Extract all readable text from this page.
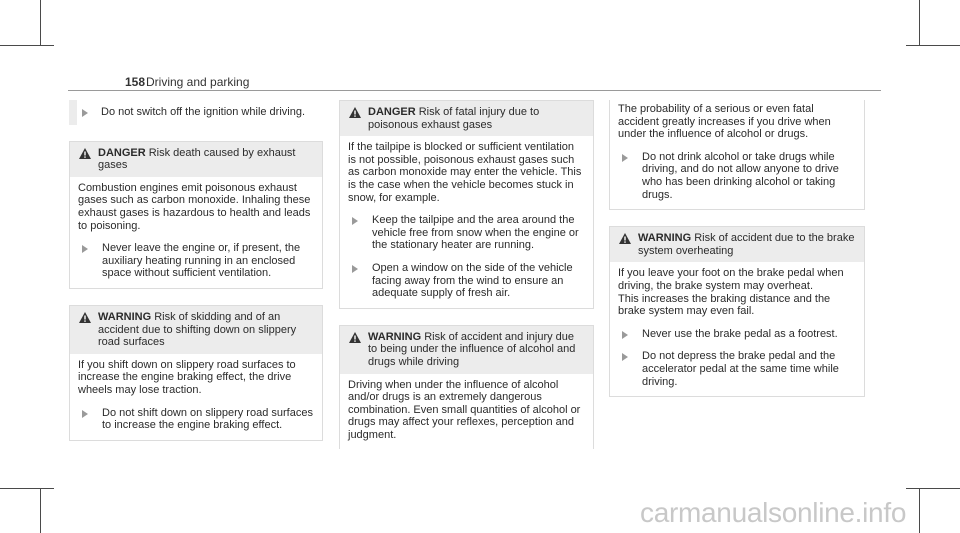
158 Driving and parking

Do not switch off the ignition while driving.

DANGER Risk death caused by exhaust gases

Combustion engines emit poisonous exhaust gases such as carbon monoxide. Inhaling these exhaust gases is hazardous to health and leads to poisoning.

Never leave the engine or, if present, the auxiliary heating running in an enclosed space without sufficient ventilation.

WARNING Risk of skidding and of an accident due to shifting down on slippery road surfaces

If you shift down on slippery road surfaces to increase the engine braking effect, the drive wheels may lose traction.

Do not shift down on slippery road surfaces to increase the engine braking effect.

DANGER Risk of fatal injury due to poisonous exhaust gases

If the tailpipe is blocked or sufficient ventilation is not possible, poisonous exhaust gases such as carbon monoxide may enter the vehicle. This is the case when the vehicle becomes stuck in snow, for example.

Keep the tailpipe and the area around the vehicle free from snow when the engine or the stationary heater are running.

Open a window on the side of the vehicle facing away from the wind to ensure an adequate supply of fresh air.

WARNING Risk of accident and injury due to being under the influence of alcohol and drugs while driving

Driving when under the influence of alcohol and/or drugs is an extremely dangerous combination. Even small quantities of alcohol or drugs may affect your reflexes, perception and judgment.

The probability of a serious or even fatal accident greatly increases if you drive when under the influence of alcohol or drugs.

Do not drink alcohol or take drugs while driving, and do not allow anyone to drive who has been drinking alcohol or taking drugs.

WARNING Risk of accident due to the brake system overheating

If you leave your foot on the brake pedal when driving, the brake system may overheat.

This increases the braking distance and the brake system may even fail.

Never use the brake pedal as a footrest.

Do not depress the brake pedal and the accelerator pedal at the same time while driving.

carmanualsonline.info
